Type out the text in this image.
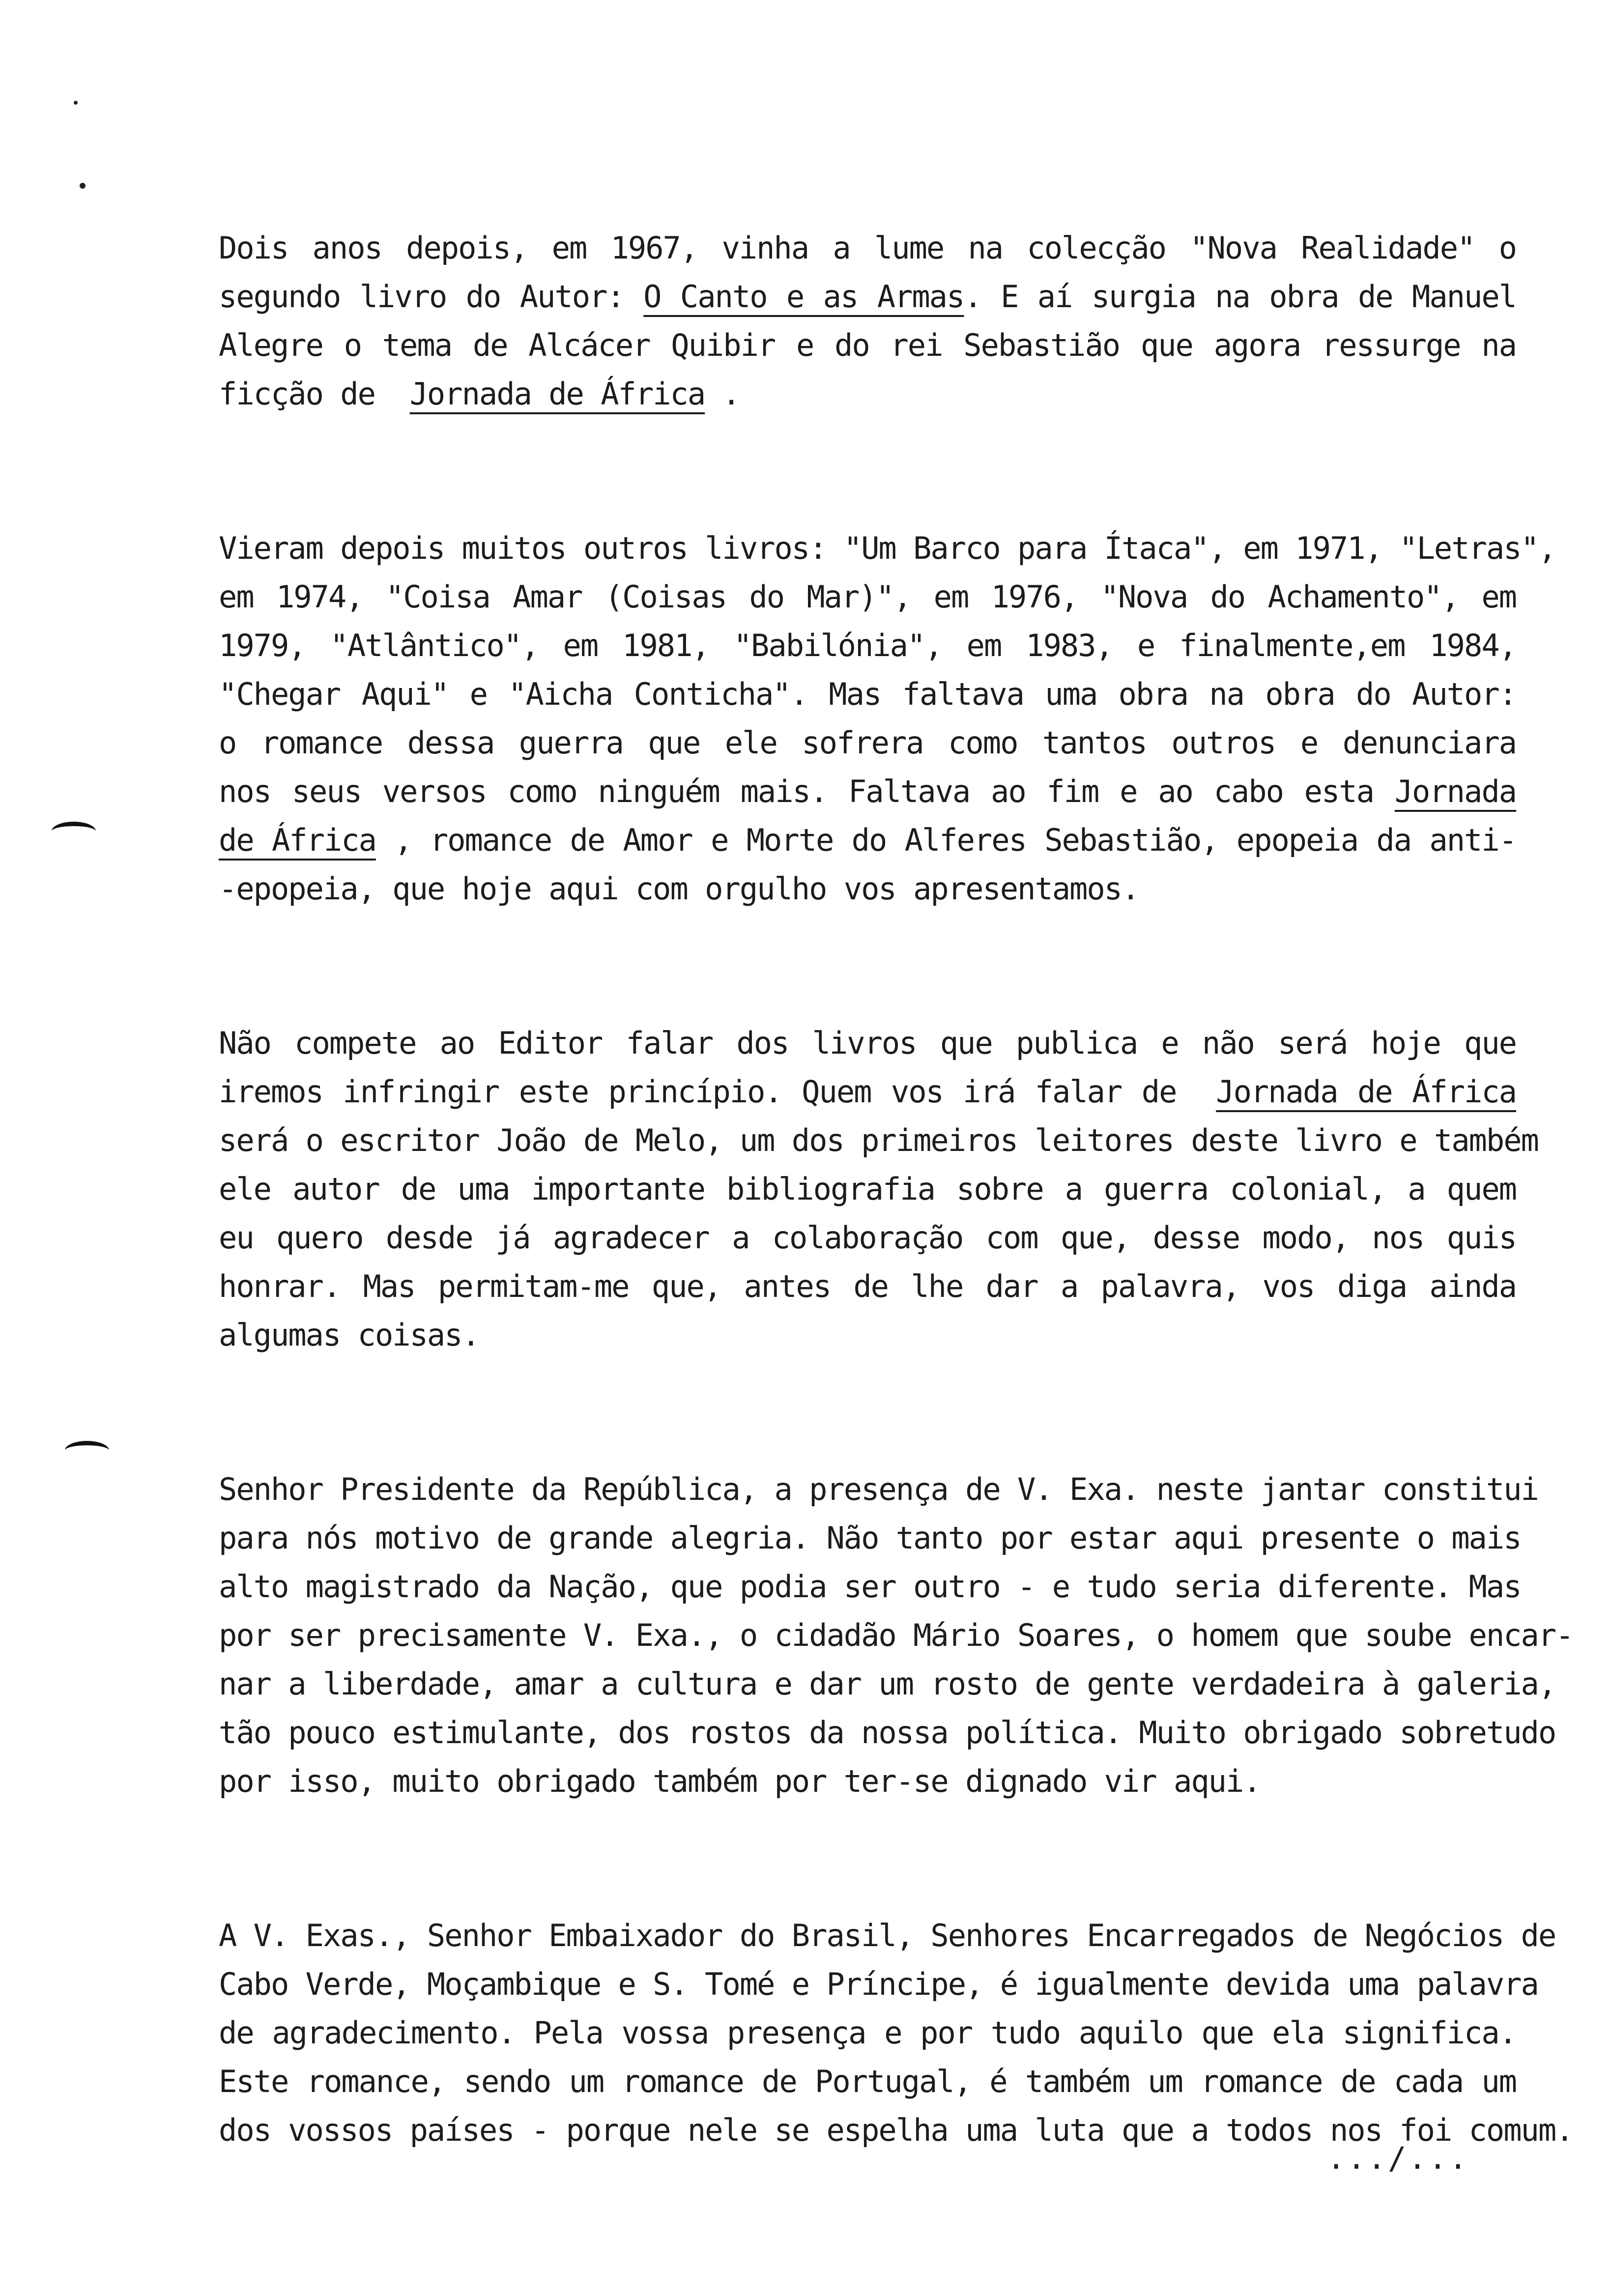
Dois anos depois, em 1967, vinha a lume na colecção "Nova Realidade" o
segundo livro do Autor: O Canto e as Armas. E aí surgia na obra de Manuel
Alegre o tema de Alcácer Quibir e do rei Sebastião que agora ressurge na
ficção de  Jornada de África .
Vieram depois muitos outros livros: "Um Barco para Ítaca", em 1971, "Letras",
em 1974, "Coisa Amar (Coisas do Mar)", em 1976, "Nova do Achamento", em
1979, "Atlântico", em 1981, "Babilónia", em 1983, e finalmente,em 1984,
"Chegar Aqui" e "Aicha Conticha". Mas faltava uma obra na obra do Autor:
o romance dessa guerra que ele sofrera como tantos outros e denunciara
nos seus versos como ninguém mais. Faltava ao fim e ao cabo esta Jornada
de África , romance de Amor e Morte do Alferes Sebastião, epopeia da anti-
-epopeia, que hoje aqui com orgulho vos apresentamos.
Não compete ao Editor falar dos livros que publica e não será hoje que
iremos infringir este princípio. Quem vos irá falar de  Jornada de África
será o escritor João de Melo, um dos primeiros leitores deste livro e também
ele autor de uma importante bibliografia sobre a guerra colonial, a quem
eu quero desde já agradecer a colaboração com que, desse modo, nos quis
honrar. Mas permitam-me que, antes de lhe dar a palavra, vos diga ainda
algumas coisas.
Senhor Presidente da República, a presença de V. Exa. neste jantar constitui
para nós motivo de grande alegria. Não tanto por estar aqui presente o mais
alto magistrado da Nação, que podia ser outro - e tudo seria diferente. Mas
por ser precisamente V. Exa., o cidadão Mário Soares, o homem que soube encar-
nar a liberdade, amar a cultura e dar um rosto de gente verdadeira à galeria,
tão pouco estimulante, dos rostos da nossa política. Muito obrigado sobretudo
por isso, muito obrigado também por ter-se dignado vir aqui.
A V. Exas., Senhor Embaixador do Brasil, Senhores Encarregados de Negócios de
Cabo Verde, Moçambique e S. Tomé e Príncipe, é igualmente devida uma palavra
de agradecimento. Pela vossa presença e por tudo aquilo que ela significa.
Este romance, sendo um romance de Portugal, é também um romance de cada um
dos vossos países - porque nele se espelha uma luta que a todos nos foi comum.
.../...
